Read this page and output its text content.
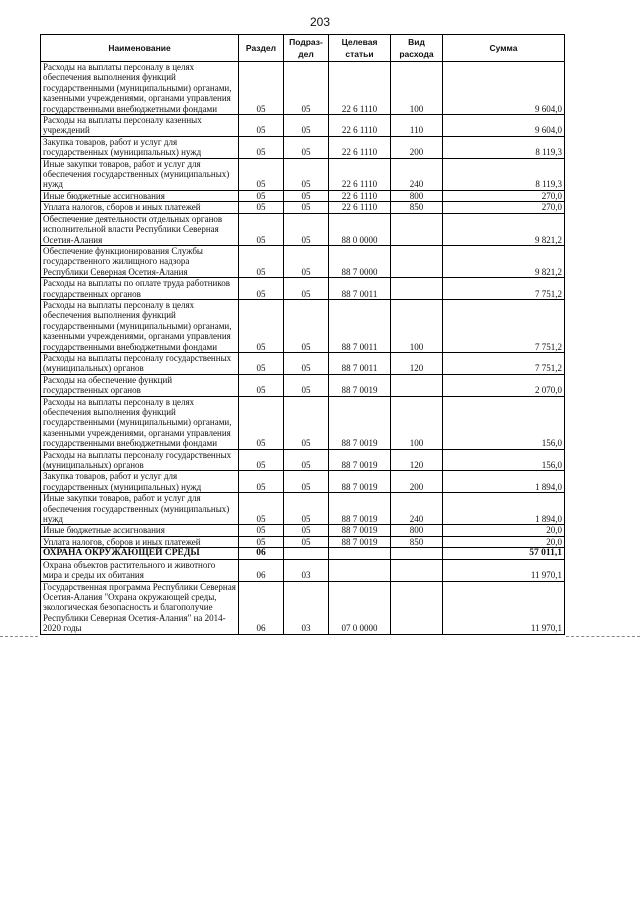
203
Наименование	Раздел	Подраз-дел	Целевая статьи	Вид расхода	Сумма
Расходы на выплаты персоналу в целях обеспечения выполнения функций государственными (муниципальными) органами, казенными учреждениями, органами управления государственными внебюджетными фондами	05	05	22 6 1110	100	9 604,0
Расходы на выплаты персоналу казенных учреждений	05	05	22 6 1110	110	9 604,0
Закупка товаров, работ и услуг для государственных (муниципальных) нужд	05	05	22 6 1110	200	8 119,3
Иные закупки товаров, работ и услуг для обеспечения государственных (муниципальных) нужд	05	05	22 6 1110	240	8 119,3
Иные бюджетные ассигнования	05	05	22 6 1110	800	270,0
Уплата налогов, сборов и иных платежей	05	05	22 6 1110	850	270,0
Обеспечение деятельности отдельных органов исполнительной власти Республики Северная Осетия-Алания	05	05	88 0 0000		9 821,2
Обеспечение функционирования Службы государственного жилищного надзора Республики Северная Осетия-Алания	05	05	88 7 0000		9 821,2
Расходы на выплаты по оплате труда работников государственных органов	05	05	88 7 0011		7 751,2
Расходы на выплаты персоналу в целях обеспечения выполнения функций государственными (муниципальными) органами, казенными учреждениями, органами управления государственными внебюджетными фондами	05	05	88 7 0011	100	7 751,2
Расходы на выплаты персоналу государственных (муниципальных) органов	05	05	88 7 0011	120	7 751,2
Расходы на обеспечение функций государственных органов	05	05	88 7 0019		2 070,0
Расходы на выплаты персоналу в целях обеспечения выполнения функций государственными (муниципальными) органами, казенными учреждениями, органами управления государственными внебюджетными фондами	05	05	88 7 0019	100	156,0
Расходы на выплаты персоналу государственных (муниципальных) органов	05	05	88 7 0019	120	156,0
Закупка товаров, работ и услуг для государственных (муниципальных) нужд	05	05	88 7 0019	200	1 894,0
Иные закупки товаров, работ и услуг для обеспечения государственных (муниципальных) нужд	05	05	88 7 0019	240	1 894,0
Иные бюджетные ассигнования	05	05	88 7 0019	800	20,0
Уплата налогов, сборов и иных платежей	05	05	88 7 0019	850	20,0
ОХРАНА ОКРУЖАЮЩЕЙ СРЕДЫ	06				57 011,1
Охрана объектов растительного и животного мира и среды их обитания	06	03			11 970,1
Государственная программа Республики Северная Осетия-Алания "Охрана окружающей среды, экологическая безопасность и благополучие Республики Северная Осетия-Алания" на 2014-2020 годы	06	03	07 0 0000		11 970,1
